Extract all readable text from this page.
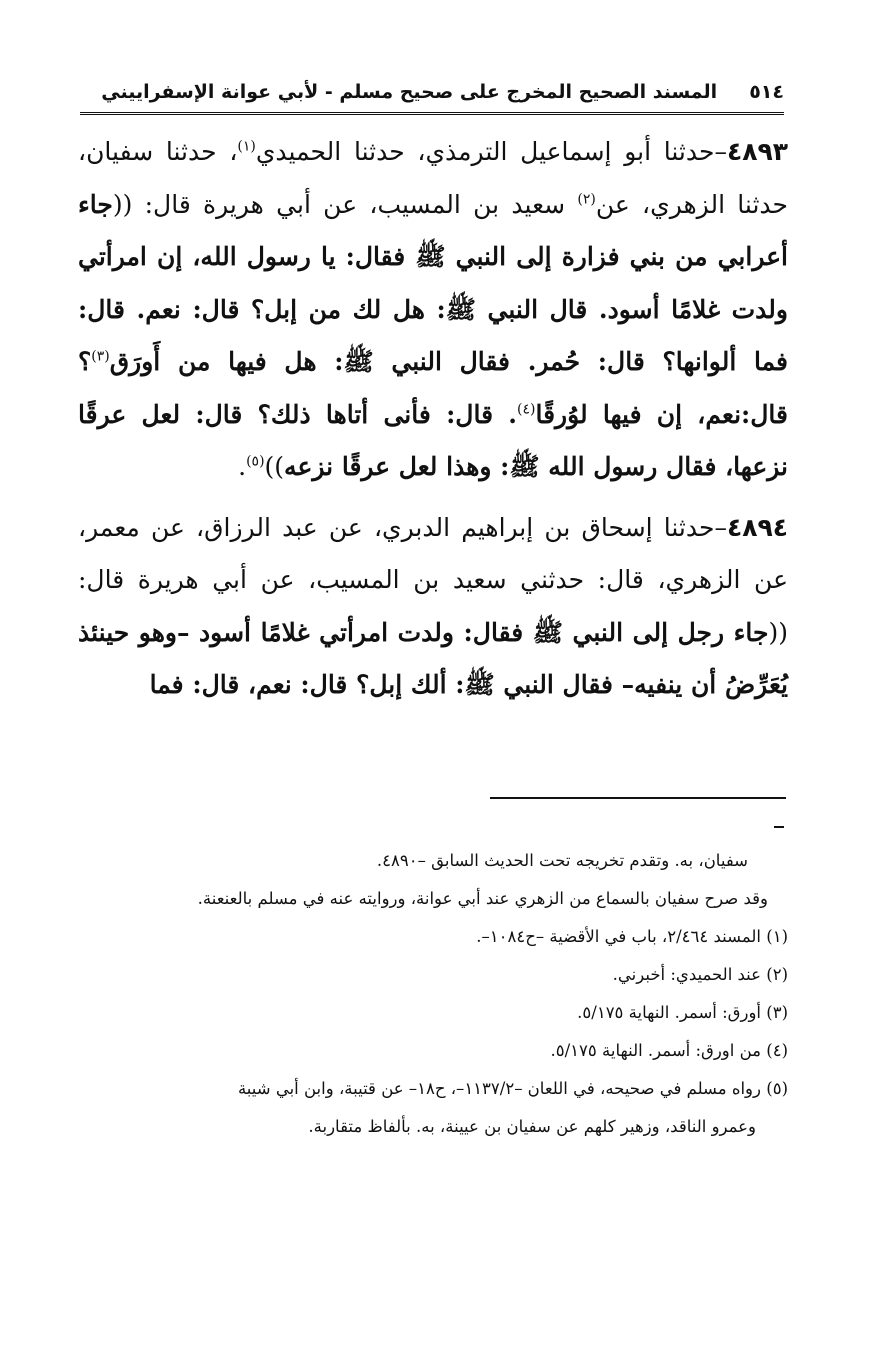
٥١٤
المسند الصحيح المخرج على صحيح مسلم - لأبي عوانة الإسفراييني

٤٨٩٣–حدثنا أبو إسماعيل الترمذي، حدثنا الحميدي$^{(١)}$، حدثنا سفيان، حدثنا الزهري، عن$^{(٢)}$ سعيد بن المسيب، عن أبي هريرة قال: ((جاء أعرابي من بني فزارة إلى النبي ﷺ فقال: يا رسول الله، إن امرأتي ولدت غلامًا أسود. قال النبي ﷺ: هل لك من إبل؟ قال: نعم. قال: فما ألوانها؟ قال: حُمر. فقال النبي ﷺ: هل فيها من أَورَق$^{(٣)}$؟ قال:نعم، إن فيها لوُرقًا$^{(٤)}$. قال: فأنى أتاها ذلك؟ قال: لعل عرقًا نزعها، فقال رسول الله ﷺ: وهذا لعل عرقًا نزعه))$^{(٥)}$.

٤٨٩٤–حدثنا إسحاق بن إبراهيم الدبري، عن عبد الرزاق، عن معمر، عن الزهري، قال: حدثني سعيد بن المسيب، عن أبي هريرة قال: ((جاء رجل إلى النبي ﷺ فقال: ولدت امرأتي غلامًا أسود –وهو حينئذ يُعَرِّضُ أن ينفيه– فقال النبي ﷺ: ألك إبل؟ قال: نعم، قال: فما

سفيان، به. وتقدم تخريجه تحت الحديث السابق –٤٨٩٠.
وقد صرح سفيان بالسماع من الزهري عند أبي عوانة، وروايته عنه في مسلم بالعنعنة.
(١) المسند ٢/٤٦٤، باب في الأقضية –ح١٠٨٤–.
(٢) عند الحميدي: أخبرني.
(٣) أورق: أسمر. النهاية ٥/١٧٥.
(٤) من اورق: أسمر. النهاية ٥/١٧٥.
(٥) رواه مسلم في صحيحه، في اللعان –١١٣٧/٢–، ح١٨– عن قتيبة، وابن أبي شيبة
وعمرو الناقد، وزهير كلهم عن سفيان بن عيينة، به. بألفاظ متقاربة.
